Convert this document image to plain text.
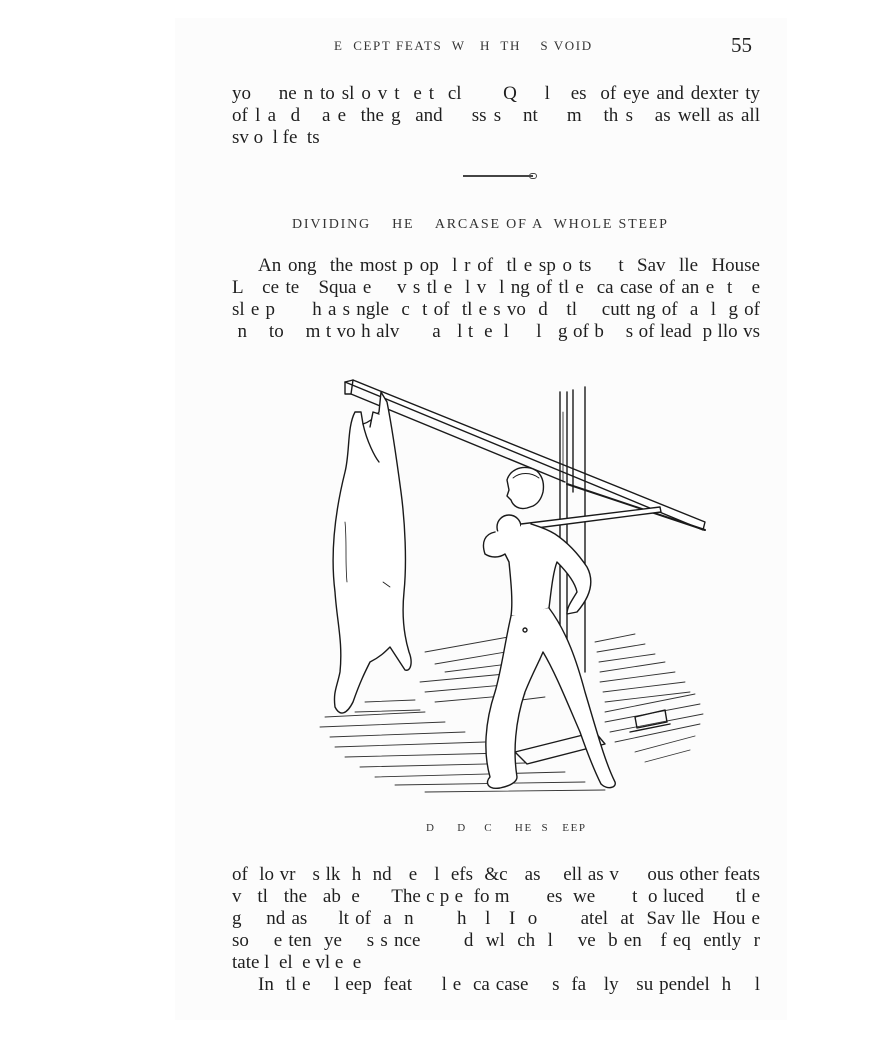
E  CEPT FEATS  W   H  TH    S VOID	55
yo    ne n to sl o v t  e t  cl      Q    l   es  of eye and dexter ty
of l a  d   a e  the g  and    ss s   nt    m   th s   as well as all
sv o  l fe  ts
DIVIDING    HE    ARCASE OF A  WHOLE STEEP
An ong  the most p op  l r of  tl e sp o ts    t  Sav  lle  House
L   ce te   Squa e    v s tl e  l v  l ng of tl e  ca case of an e  t   e
sl e p      h a s ngle  c  t of  tl e s vo  d   tl    cutt ng of  a  l  g of
n    to    m t vo h alv      a   l t  e  l     l   g of b    s of lead  p llo vs
D     D    C     HE  S   EEP
of  lo vr   s lk  h  nd   e   l  efs  &c   as    ell as v     ous other feats
v   tl   the   ab  e      The c p e  fo m       es  we       t  o luced      tl e
g    nd as     lt of  a  n       h   l   I  o       atel  at  Sav lle  Hou e
so    e ten  ye    s s nce       d  wl  ch  l    ve  b en   f eq  ently  r
tate l  el  e vl e  e
In  tl e    l eep  feat     l e  ca case    s  fa   ly   su pendel  h    l
